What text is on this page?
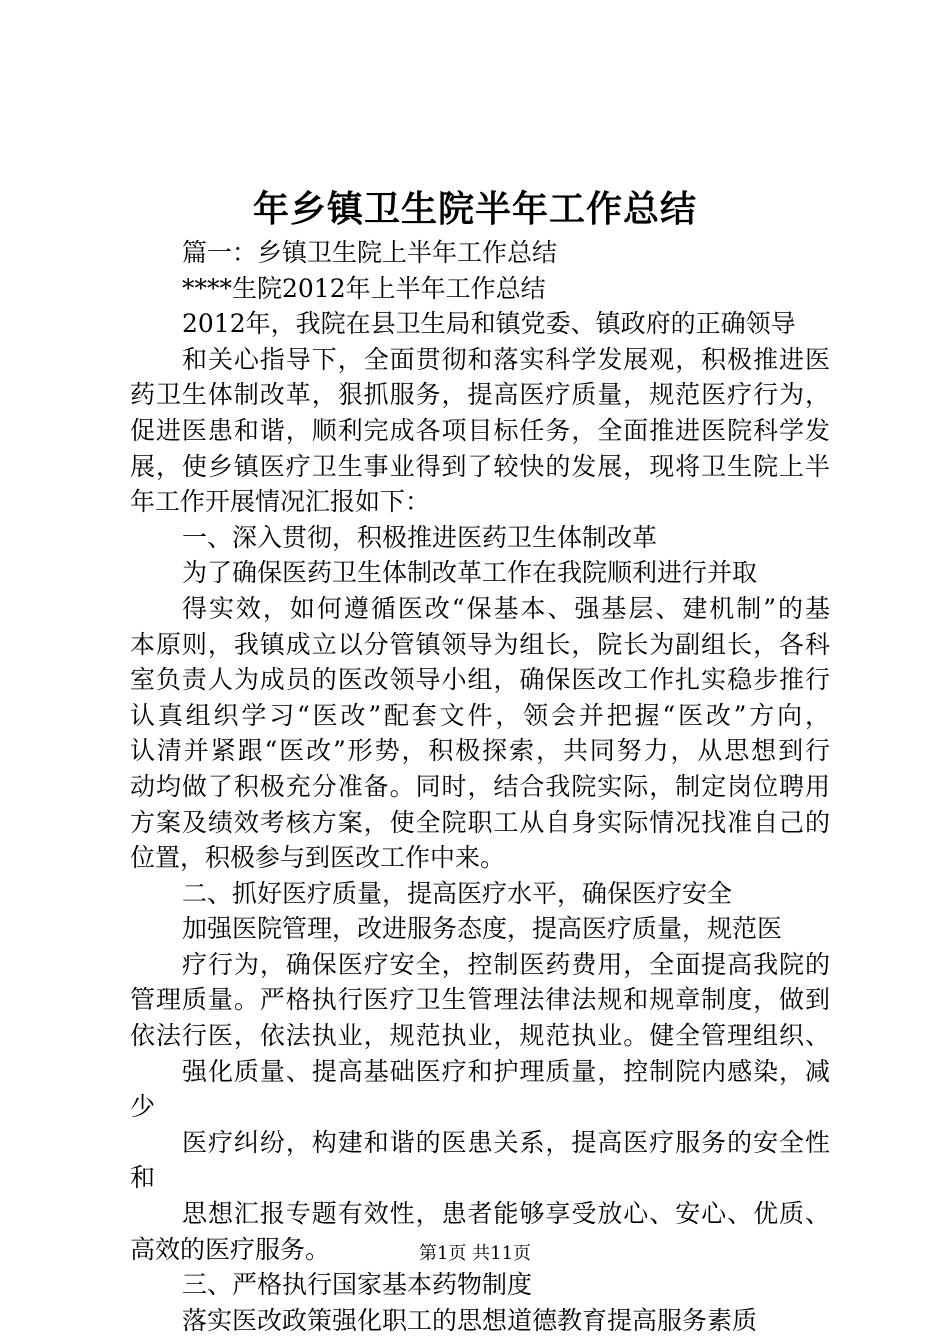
年乡镇卫生院半年工作总结
篇一：乡镇卫生院上半年工作总结
****生院2012年上半年工作总结
2012年，我院在县卫生局和镇党委、镇政府的正确领导
和关心指导下，全面贯彻和落实科学发展观，积极推进医
药卫生体制改革，狠抓服务，提高医疗质量，规范医疗行为，
促进医患和谐，顺利完成各项目标任务，全面推进医院科学发
展，使乡镇医疗卫生事业得到了较快的发展，现将卫生院上半
年工作开展情况汇报如下：
一、深入贯彻，积极推进医药卫生体制改革
为了确保医药卫生体制改革工作在我院顺利进行并取
得实效，如何遵循医改“保基本、强基层、建机制”的基
本原则，我镇成立以分管镇领导为组长，院长为副组长，各科
室负责人为成员的医改领导小组，确保医改工作扎实稳步推行
认真组织学习“医改”配套文件，领会并把握“医改”方向，
认清并紧跟“医改”形势，积极探索，共同努力，从思想到行
动均做了积极充分准备。同时，结合我院实际，制定岗位聘用
方案及绩效考核方案，使全院职工从自身实际情况找准自己的
位置，积极参与到医改工作中来。
二、抓好医疗质量，提高医疗水平，确保医疗安全
加强医院管理，改进服务态度，提高医疗质量，规范医
疗行为，确保医疗安全，控制医药费用，全面提高我院的
管理质量。严格执行医疗卫生管理法律法规和规章制度，做到
依法行医，依法执业，规范执业，规范执业。健全管理组织、
强化质量、提高基础医疗和护理质量，控制院内感染，减
少
医疗纠纷，构建和谐的医患关系，提高医疗服务的安全性
和
思想汇报专题有效性，患者能够享受放心、安心、优质、
高效的医疗服务。
三、严格执行国家基本药物制度
落实医改政策强化职工的思想道德教育提高服务素质
第1页 共11页
